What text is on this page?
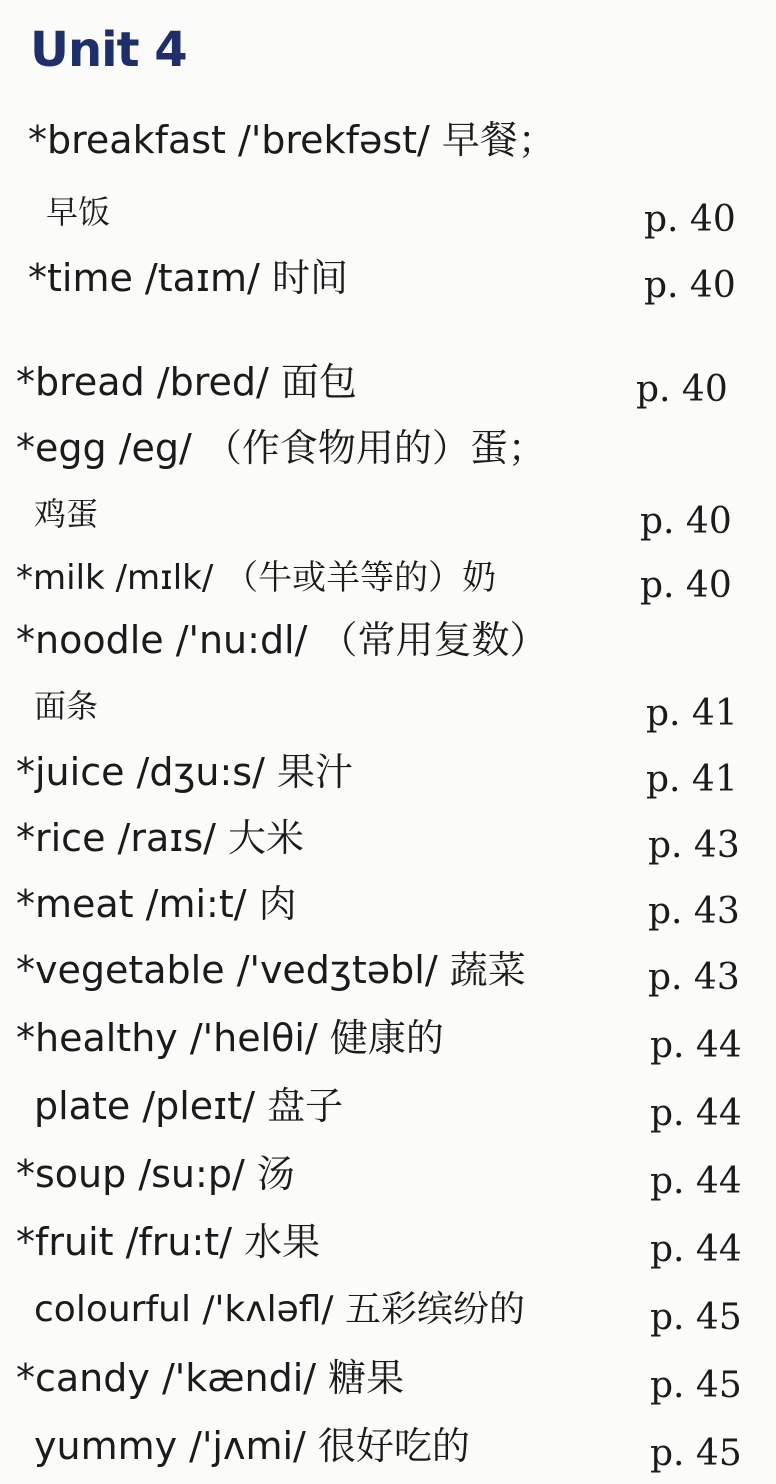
Unit 4
*breakfast /'brekfəst/ 早餐；
早饭	p. 40
*time /taɪm/ 时间	p. 40
*bread /bred/ 面包	p. 40
*egg /eg/ （作食物用的）蛋；
鸡蛋	p. 40
*milk /mɪlk/ （牛或羊等的）奶	p. 40
*noodle /'nu:dl/ （常用复数）
面条	p. 41
*juice /dʒu:s/ 果汁	p. 41
*rice /raɪs/ 大米	p. 43
*meat /mi:t/ 肉	p. 43
*vegetable /'vedʒtəbl/ 蔬菜	p. 43
*healthy /'helθi/ 健康的	p. 44
plate /pleɪt/ 盘子	p. 44
*soup /su:p/ 汤	p. 44
*fruit /fru:t/ 水果	p. 44
colourful /'kʌləfl/ 五彩缤纷的	p. 45
*candy /'kændi/ 糖果	p. 45
yummy /'jʌmi/ 很好吃的	p. 45
